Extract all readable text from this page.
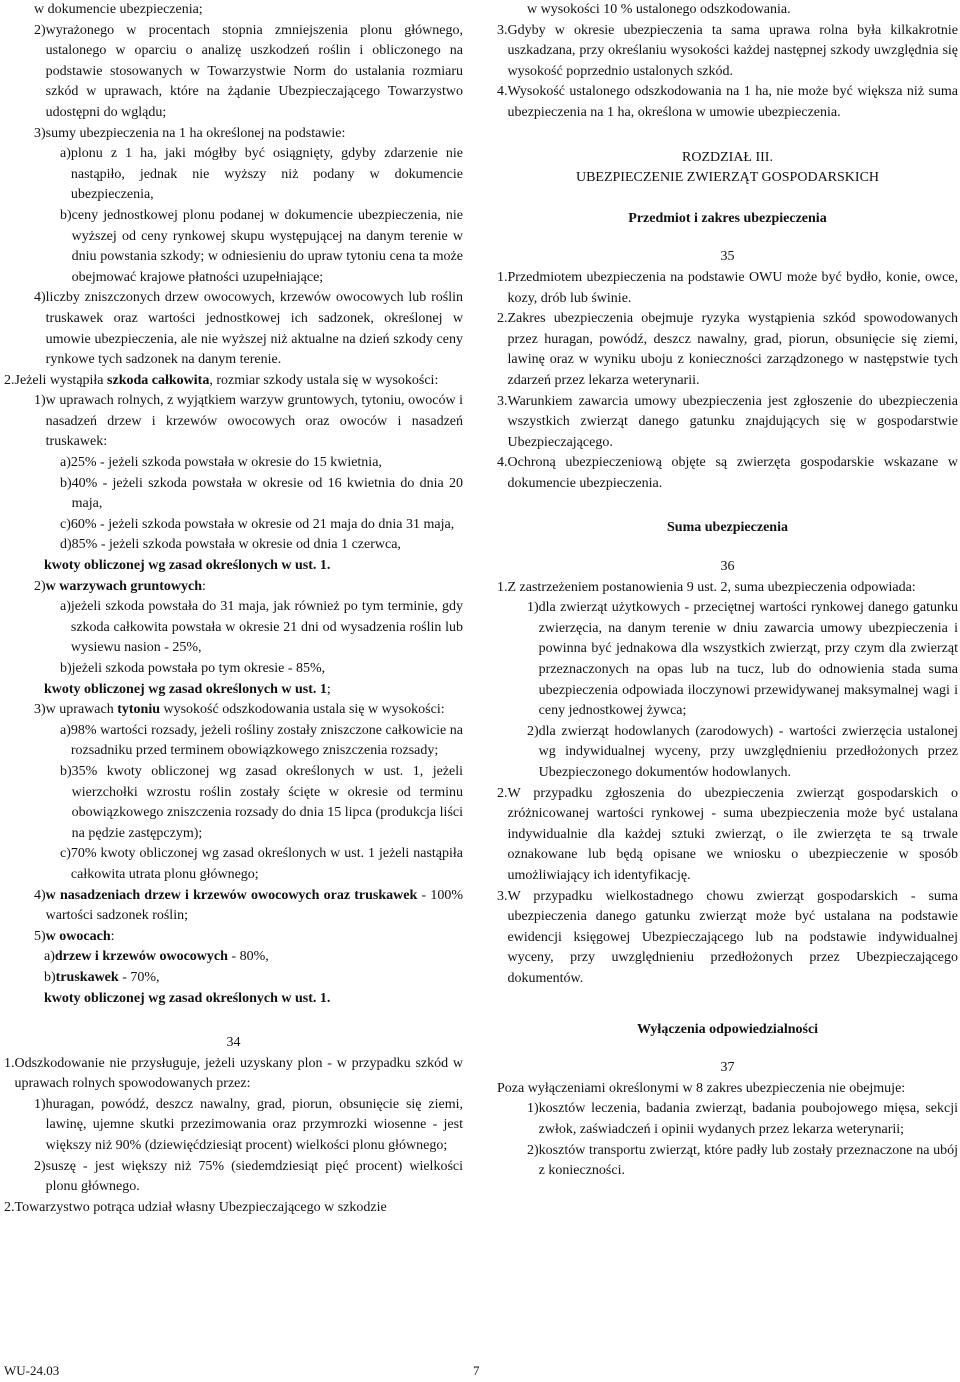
w dokumencie ubezpieczenia;

2) wyrażonego w procentach stopnia zmniejszenia plonu głównego, ustalonego w oparciu o analizę uszkodzeń roślin i obliczonego na podstawie stosowanych w Towarzystwie Norm do ustalania rozmiaru szkód w uprawach, które na żądanie Ubezpieczającego Towarzystwo udostępni do wglądu;
3) sumy ubezpieczenia na 1 ha określonej na podstawie:
a) plonu z 1 ha, jaki mógłby być osiągnięty, gdyby zdarzenie nie nastąpiło, jednak nie wyższy niż podany w dokumencie ubezpieczenia,
b) ceny jednostkowej plonu podanej w dokumencie ubezpieczenia, nie wyższej od ceny rynkowej skupu występującej na danym terenie w dniu powstania szkody; w odniesieniu do upraw tytoniu cena ta może obejmować krajowe płatności uzupełniające;
4) liczby zniszczonych drzew owocowych, krzewów owocowych lub roślin truskawek oraz wartości jednostkowej ich sadzonek, określonej w umowie ubezpieczenia, ale nie wyższej niż aktualne na dzień szkody ceny rynkowe tych sadzonek na danym terenie.
2. Jeżeli wystąpiła szkoda całkowita, rozmiar szkody ustala się w wysokości:
1) w uprawach rolnych, z wyjątkiem warzyw gruntowych, tytoniu, owoców i nasadzeń drzew i krzewów owocowych oraz owoców i nasadzeń truskawek:
a) 25% - jeżeli szkoda powstała w okresie do 15 kwietnia,
b) 40% - jeżeli szkoda powstała w okresie od 16 kwietnia do dnia 20 maja,
c) 60% - jeżeli szkoda powstała w okresie od 21 maja do dnia 31 maja,
d) 85% - jeżeli szkoda powstała w okresie od dnia 1 czerwca,

kwoty obliczonej wg zasad określonych w ust. 1.

2) w warzywach gruntowych:
a) jeżeli szkoda powstała do 31 maja, jak również po tym terminie, gdy szkoda całkowita powstała w okresie 21 dni od wysadzenia roślin lub wysiewu nasion - 25%,
b) jeżeli szkoda powstała po tym okresie - 85%,

kwoty obliczonej wg zasad określonych w ust. 1;

3) w uprawach tytoniu wysokość odszkodowania ustala się w wysokości:
a) 98% wartości rozsady, jeżeli rośliny zostały zniszczone całkowicie na rozsadniku przed terminem obowiązkowego zniszczenia rozsady;
b) 35% kwoty obliczonej wg zasad określonych w ust. 1, jeżeli wierzchołki wzrostu roślin zostały ścięte w okresie od terminu obowiązkowego zniszczenia rozsady do dnia 15 lipca (produkcja liści na pędzie zastępczym);
c) 70% kwoty obliczonej wg zasad określonych w ust. 1 jeżeli nastąpiła całkowita utrata plonu głównego;
4) w nasadzeniach drzew i krzewów owocowych oraz truskawek - 100% wartości sadzonek roślin;
5) w owocach:
a) drzew i krzewów owocowych - 80%,
b) truskawek - 70%,

kwoty obliczonej wg zasad określonych w ust. 1.

34

1. Odszkodowanie nie przysługuje, jeżeli uzyskany plon - w przypadku szkód w uprawach rolnych spowodowanych przez:
1) huragan, powódź, deszcz nawalny, grad, piorun, obsunięcie się ziemi, lawinę, ujemne skutki przezimowania oraz przymrozki wiosenne - jest większy niż 90% (dziewięćdziesiąt procent) wielkości plonu głównego;
2) suszę - jest większy niż 75% (siedemdziesiąt pięć procent) wielkości plonu głównego.
2. Towarzystwo potrąca udział własny Ubezpieczającego w szkodzie

w wysokości 10 % ustalonego odszkodowania.

3. Gdyby w okresie ubezpieczenia ta sama uprawa rolna była kilkakrotnie uszkadzana, przy określaniu wysokości każdej następnej szkody uwzględnia się wysokość poprzednio ustalonych szkód.
4. Wysokość ustalonego odszkodowania na 1 ha, nie może być większa niż suma ubezpieczenia na 1 ha, określona w umowie ubezpieczenia.

ROZDZIAŁ III.

UBEZPIECZENIE ZWIERZĄT GOSPODARSKICH

Przedmiot i zakres ubezpieczenia

35

1. Przedmiotem ubezpieczenia na podstawie OWU może być bydło, konie, owce, kozy, drób lub świnie.
2. Zakres ubezpieczenia obejmuje ryzyka wystąpienia szkód spowodowanych przez huragan, powódź, deszcz nawalny, grad, piorun, obsunięcie się ziemi, lawinę oraz w wyniku uboju z konieczności zarządzonego w następstwie tych zdarzeń przez lekarza weterynarii.
3. Warunkiem zawarcia umowy ubezpieczenia jest zgłoszenie do ubezpieczenia wszystkich zwierząt danego gatunku znajdujących się w gospodarstwie Ubezpieczającego.
4. Ochroną ubezpieczeniową objęte są zwierzęta gospodarskie wskazane w dokumencie ubezpieczenia.

Suma ubezpieczenia

36

1. Z zastrzeżeniem postanowienia 9 ust. 2, suma ubezpieczenia odpowiada:
1) dla zwierząt użytkowych - przeciętnej wartości rynkowej danego gatunku zwierzęcia, na danym terenie w dniu zawarcia umowy ubezpieczenia i powinna być jednakowa dla wszystkich zwierząt, przy czym dla zwierząt przeznaczonych na opas lub na tucz, lub do odnowienia stada suma ubezpieczenia odpowiada iloczynowi przewidywanej maksymalnej wagi i ceny jednostkowej żywca;
2) dla zwierząt hodowlanych (zarodowych) - wartości zwierzęcia ustalonej wg indywidualnej wyceny, przy uwzględnieniu przedłożonych przez Ubezpieczonego dokumentów hodowlanych.
2. W przypadku zgłoszenia do ubezpieczenia zwierząt gospodarskich o zróżnicowanej wartości rynkowej - suma ubezpieczenia może być ustalana indywidualnie dla każdej sztuki zwierząt, o ile zwierzęta te są trwale oznakowane lub będą opisane we wniosku o ubezpieczenie w sposób umożliwiający ich identyfikację.
3. W przypadku wielkostadnego chowu zwierząt gospodarskich - suma ubezpieczenia danego gatunku zwierząt może być ustalana na podstawie ewidencji księgowej Ubezpieczającego lub na podstawie indywidualnej wyceny, przy uwzględnieniu przedłożonych przez Ubezpieczającego dokumentów.

Wyłączenia odpowiedzialności

37

Poza wyłączeniami określonymi w 8 zakres ubezpieczenia nie obejmuje:

1) kosztów leczenia, badania zwierząt, badania poubojowego mięsa, sekcji zwłok, zaświadczeń i opinii wydanych przez lekarza weterynarii;
2) kosztów transportu zwierząt, które padły lub zostały przeznaczone na ubój z konieczności.
WU-24.03	7
